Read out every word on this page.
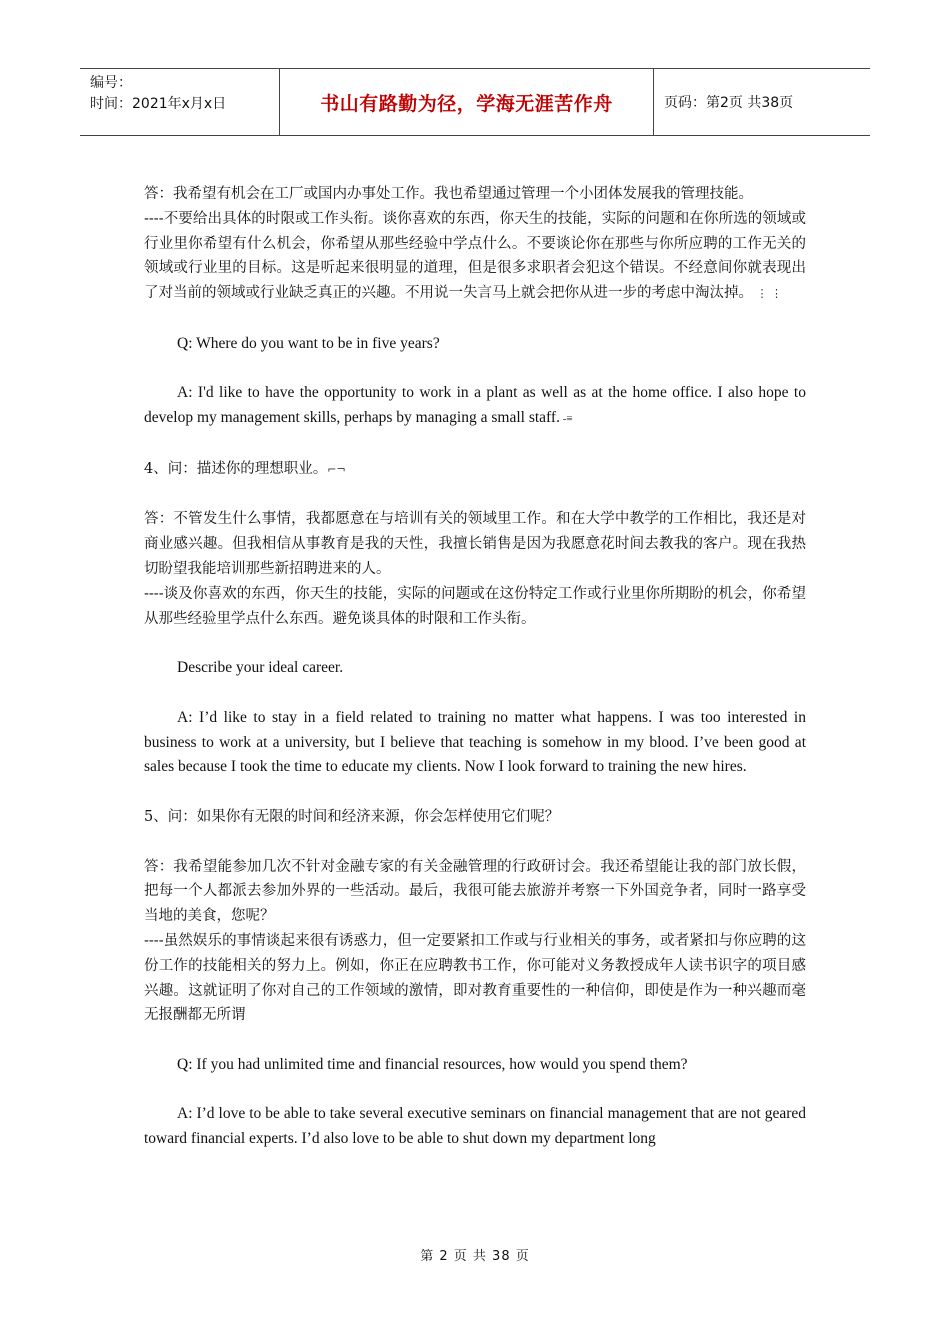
编号：
时间：2021年x月x日	书山有路勤为径，学海无涯苦作舟	页码：第2页 共38页

答：我希望有机会在工厂或国内办事处工作。我也希望通过管理一个小团体发展我的管理技能。

----不要给出具体的时限或工作头衔。谈你喜欢的东西，你天生的技能，实际的问题和在你所选的领域或行业里你希望有什么机会，你希望从那些经验中学点什么。不要谈论你在那些与你所应聘的工作无关的领域或行业里的目标。这是听起来很明显的道理，但是很多求职者会犯这个错误。不经意间你就表现出了对当前的领域或行业缺乏真正的兴趣。不用说一失言马上就会把你从进一步的考虑中淘汰掉。 ⋮ ⋮

Q: Where do you want to be in five years?

A: I'd like to have the opportunity to work in a plant as well as at the home office. I also hope to develop my management skills, perhaps by managing a small staff. -≡

4、问：描述你的理想职业。⌐¬

答：不管发生什么事情，我都愿意在与培训有关的领域里工作。和在大学中教学的工作相比，我还是对商业感兴趣。但我相信从事教育是我的天性，我擅长销售是因为我愿意花时间去教我的客户。现在我热切盼望我能培训那些新招聘进来的人。

----谈及你喜欢的东西，你天生的技能，实际的问题或在这份特定工作或行业里你所期盼的机会，你希望从那些经验里学点什么东西。避免谈具体的时限和工作头衔。

Describe your ideal career.

A: I’d like to stay in a field related to training no matter what happens. I was too interested in business to work at a university, but I believe that teaching is somehow in my blood. I’ve been good at sales because I took the time to educate my clients. Now I look forward to training the new hires.

5、问：如果你有无限的时间和经济来源，你会怎样使用它们呢？

答：我希望能参加几次不针对金融专家的有关金融管理的行政研讨会。我还希望能让我的部门放长假，把每一个人都派去参加外界的一些活动。最后，我很可能去旅游并考察一下外国竞争者，同时一路享受当地的美食，您呢？

----虽然娱乐的事情谈起来很有诱惑力，但一定要紧扣工作或与行业相关的事务，或者紧扣与你应聘的这份工作的技能相关的努力上。例如，你正在应聘教书工作，你可能对义务教授成年人读书识字的项目感兴趣。这就证明了你对自己的工作领域的激情，即对教育重要性的一种信仰，即使是作为一种兴趣而毫无报酬都无所谓

Q: If you had unlimited time and financial resources, how would you spend them?

A: I’d love to be able to take several executive seminars on financial management that are not geared toward financial experts. I’d also love to be able to shut down my department long

第 2 页 共 38 页
